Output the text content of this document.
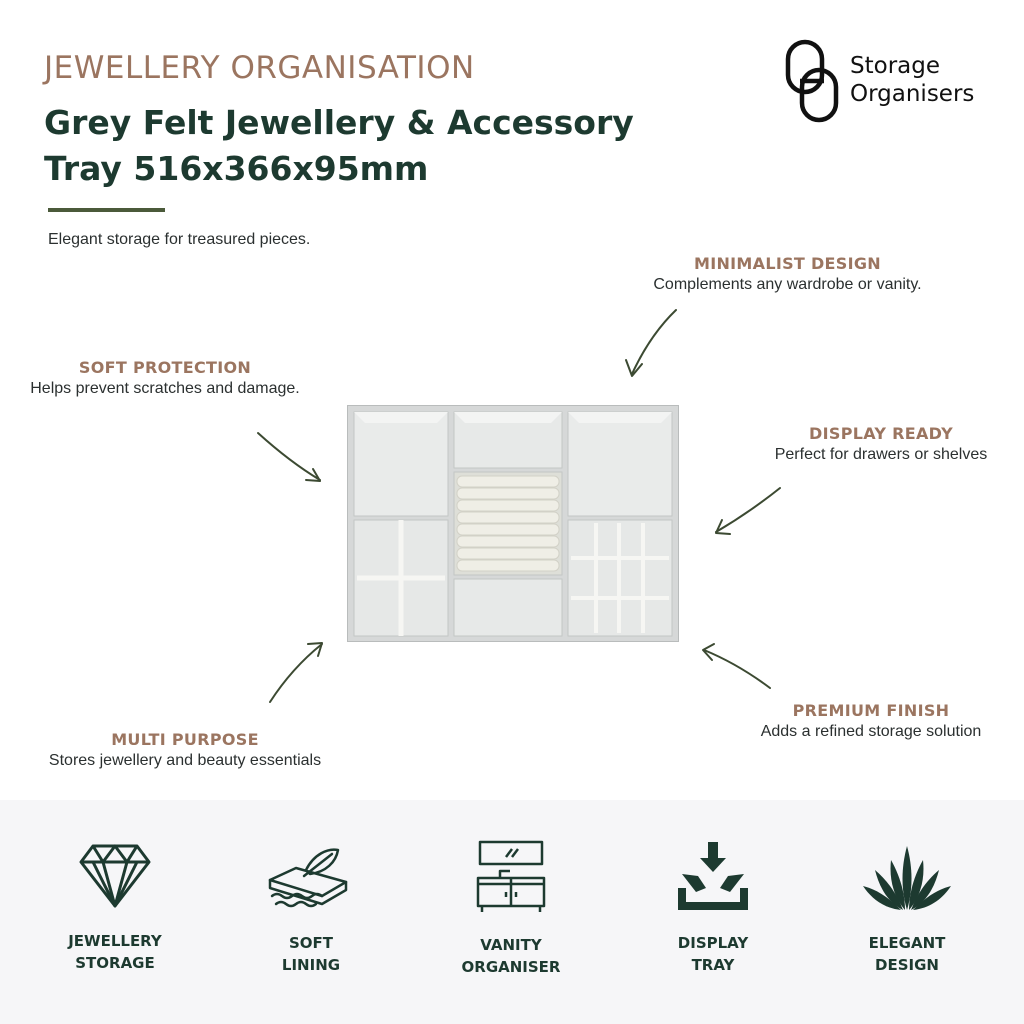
JEWELLERY ORGANISATION
Grey Felt Jewellery & Accessory
Tray 516x366x95mm
Elegant storage for treasured pieces.
Storage
Organisers
MINIMALIST DESIGN
Complements any wardrobe or vanity.
SOFT PROTECTION
Helps prevent scratches and damage.
DISPLAY READY
Perfect for drawers or shelves
MULTI PURPOSE
Stores jewellery and beauty essentials
PREMIUM FINISH
Adds a refined storage solution
JEWELLERY
STORAGE
SOFT
LINING
VANITY
ORGANISER
DISPLAY
TRAY
ELEGANT
DESIGN
